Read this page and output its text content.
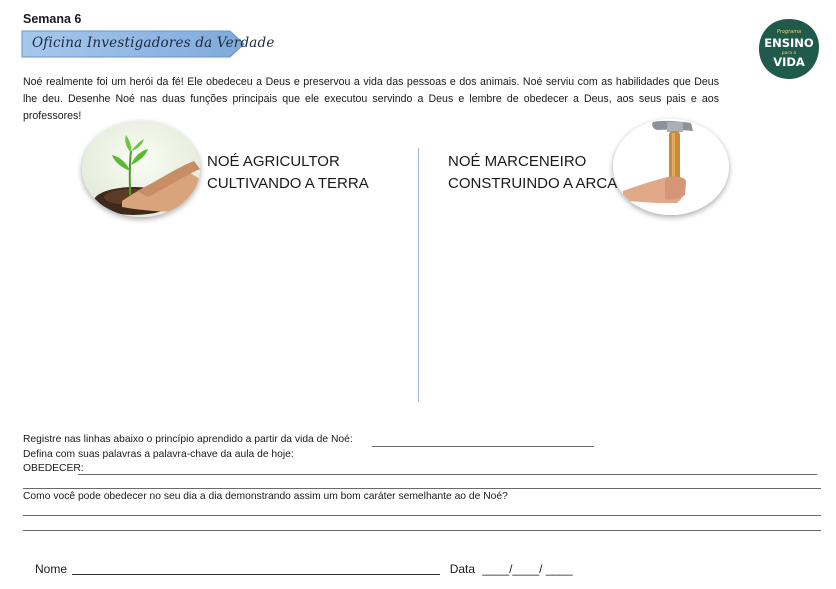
Semana 6
Oficina Investigadores da Verdade
Programa
ENSINO
para a
VIDA
Noé realmente foi um herói da fé! Ele obedeceu a Deus e preservou a vida das pessoas e dos animais. Noé serviu com as habilidades que Deus lhe deu. Desenhe Noé nas duas funções principais que ele executou servindo a Deus e lembre de obedecer a Deus, aos seus pais e aos professores!
NOÉ AGRICULTOR
CULTIVANDO A TERRA
NOÉ MARCENEIRO
CONSTRUINDO A ARCA
Registre nas linhas abaixo o princípio aprendido a partir da vida de Noé:
Defina com suas palavras a palavra-chave da aula de hoje:
OBEDECER:
Como você pode obedecer no seu dia a dia demonstrando assim um bom caráter semelhante ao de Noé?
Nome	Data ____/____/ ____
